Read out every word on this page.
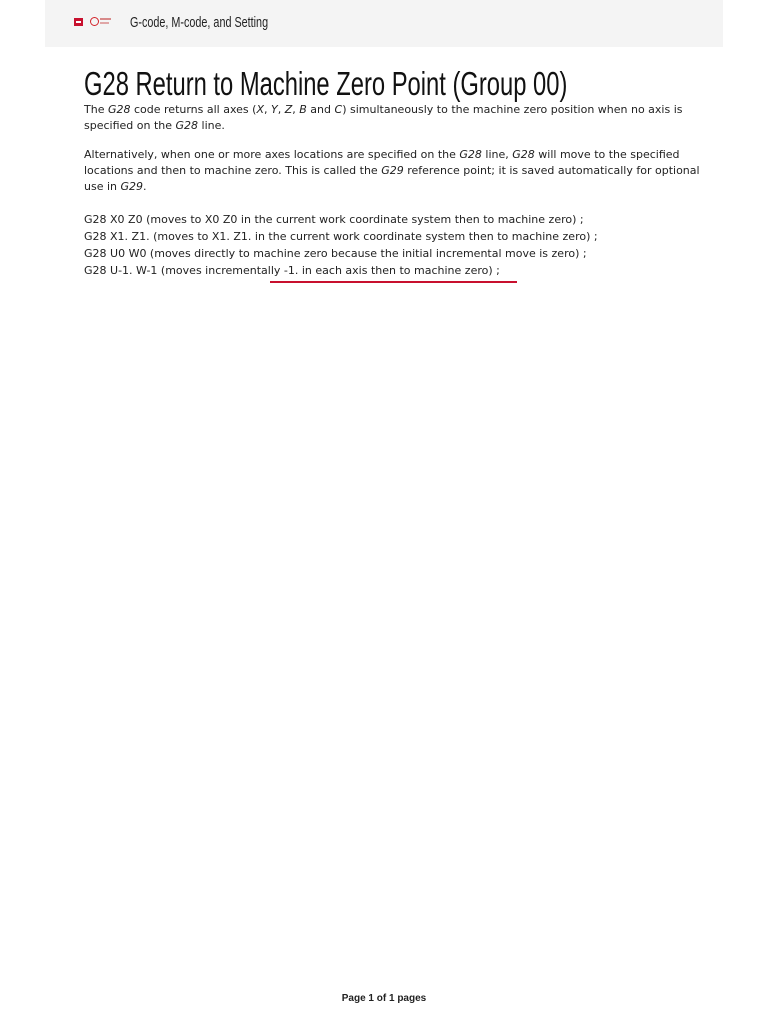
G-code, M-code, and Setting
G28 Return to Machine Zero Point (Group 00)

The G28 code returns all axes (X, Y, Z, B and C) simultaneously to the machine zero position when no axis is specified on the G28 line.

Alternatively, when one or more axes locations are specified on the G28 line, G28 will move to the specified locations and then to machine zero. This is called the G29 reference point; it is saved automatically for optional use in G29.

G28 X0 Z0 (moves to X0 Z0 in the current work coordinate system then to machine zero) ;
G28 X1. Z1. (moves to X1. Z1. in the current work coordinate system then to machine zero) ;
G28 U0 W0 (moves directly to machine zero because the initial incremental move is zero) ;
G28 U-1. W-1 (moves incrementally -1. in each axis then to machine zero) ;
Page 1 of 1 pages
